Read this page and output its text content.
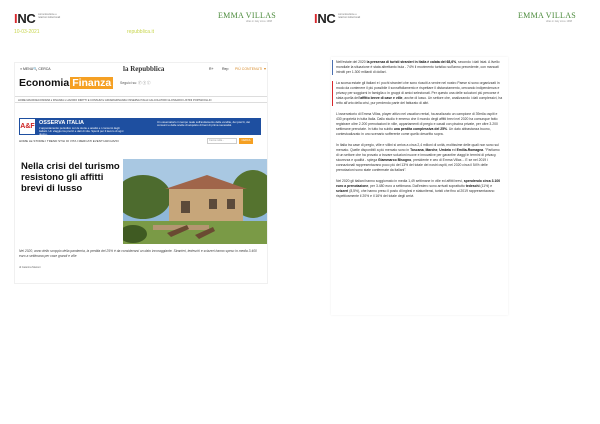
INC comunicazione e relazioni istituzionali	EMMA VILLAS
villas in italy since 1998
10-03-2021	repubblica.it
INC comunicazione e relazioni istituzionali	EMMA VILLAS
villas in italy since 1998
≡ MENU 🔍 CERCA	la Repubblica	R+ Rep PIÙ CONTENUTI ▼
Economia Finanza	Seguici su: ⓕ ⓣ ⓘ
HOME MACROECONOMIA ▾ FINANZA ▾ LAVORO DIRITTI E CONSUMI ▾ AFFARI&FINANZA OSSERVA ITALIA CALCOLATORI GLOSSARIO LISTINI PORTAFOGLIO
A&F OSSERVA ITALIA
L'appuntamento periodico con le storie e analisi e i consumi degli italiani. Un viaggio tra prezzi e dati di vita. Spunti per il lavoro di ogni giorno.
Un osservatorio in tempo reale sull'andamento delle vendite, dei prezzi, dei consumi e delle scelte di acquisto di beni di prima necessità.
HOME LE STORIE I TREND STILI DI VITA I MERCATI EVENTI ARCHIVIO	Cerca nella...	CERCA
Nella crisi del turismo resistono gli affitti brevi di lusso
Nel 2020, anno dello scoppio della pandemia, la perdita del 25% è da considerarsi un dato incoraggiante. Stranieri, tedeschi e svizzeri hanno speso in media 3.400 euro a settimana per case grandi e ville
di Caterina Maconi

Nell'estate del 2020 la presenza di turisti stranieri in Italia è calata del 68,6%, secondo i dati Istat. A livello mondiale la situazione è stata altrettanto buia - 74% il movimento turistico sull'anno precedente, con mancati introiti per 1.300 miliardi di dollari.

La scorsa estate gli italiani e i pochi stranieri che sono riusciti a venire nel nostro Paese si sono organizzati in modo da contenere il più possibile il sovraffollamento e rispettare il distanziamento, cercando indipendenza e privacy per soggiorni in famiglia o in gruppi di amici selezionati. Per questo una delle soluzioni più percorse è stata quella dell'affitto breve di case e ville, anche di lusso. Un settore che, analizzando i dati complessivi, ha retto all'urto della crisi, pur perdendo parte del fatturato di altri.

L'osservatorio di Emma Villas, player attivo nel vacation rental, ha analizzato un campione di 39mila ospiti e 430 proprietà in tutta Italia. Dallo studio è emerso che il mondo degli affitti brevi nel 2020 ha comunque fatto registrare oltre 2.200 prenotazioni in ville, appartamenti di pregio e casali con piscina private, per oltre 3.200 settimane prenotate. In tutto ha subito una perdita complessiva del 25%. Un dato abbastanza buono, contestualizzato in uno scenario sofferente come quello descritto sopra.

In Italia tra case di pregio, ville e villini si arriva a circa 2,4 milioni di unità, moltissime delle quali non sono sul mercato. Quelle disponibili a più mercato sono in Toscana, Marche, Umbria ed Emilia-Romagna. "Parliamo di un settore che ha provato a trovare soluzioni nuove e innovative per garantire viaggi in termini di privacy, sicurezza e qualità - spiega Giammarco Bisogno, presidente e ceo di Emma Villas -. E se nel 2019 i connazionali rappresentavano poco più del 13% del totale dei nostri ospiti, nel 2020 circa il 54% delle prenotazioni sono state confermate da italiani".

Nel 2020 gli italiani hanno soggiornato in media 1,49 settimane in ville ed affitti brevi, spendendo circa 3.100 euro a prenotazione, per 3.480 euro a settimana. Dall'estero sono arrivati soprattutto tedeschi (11%) e svizzeri (8,5%), che hanno preso il posto di inglesi e statunitensi, turisti che fino al 2019 rappresentavano rispettivamente il 20% e il 16% del totale degli arrivi.
